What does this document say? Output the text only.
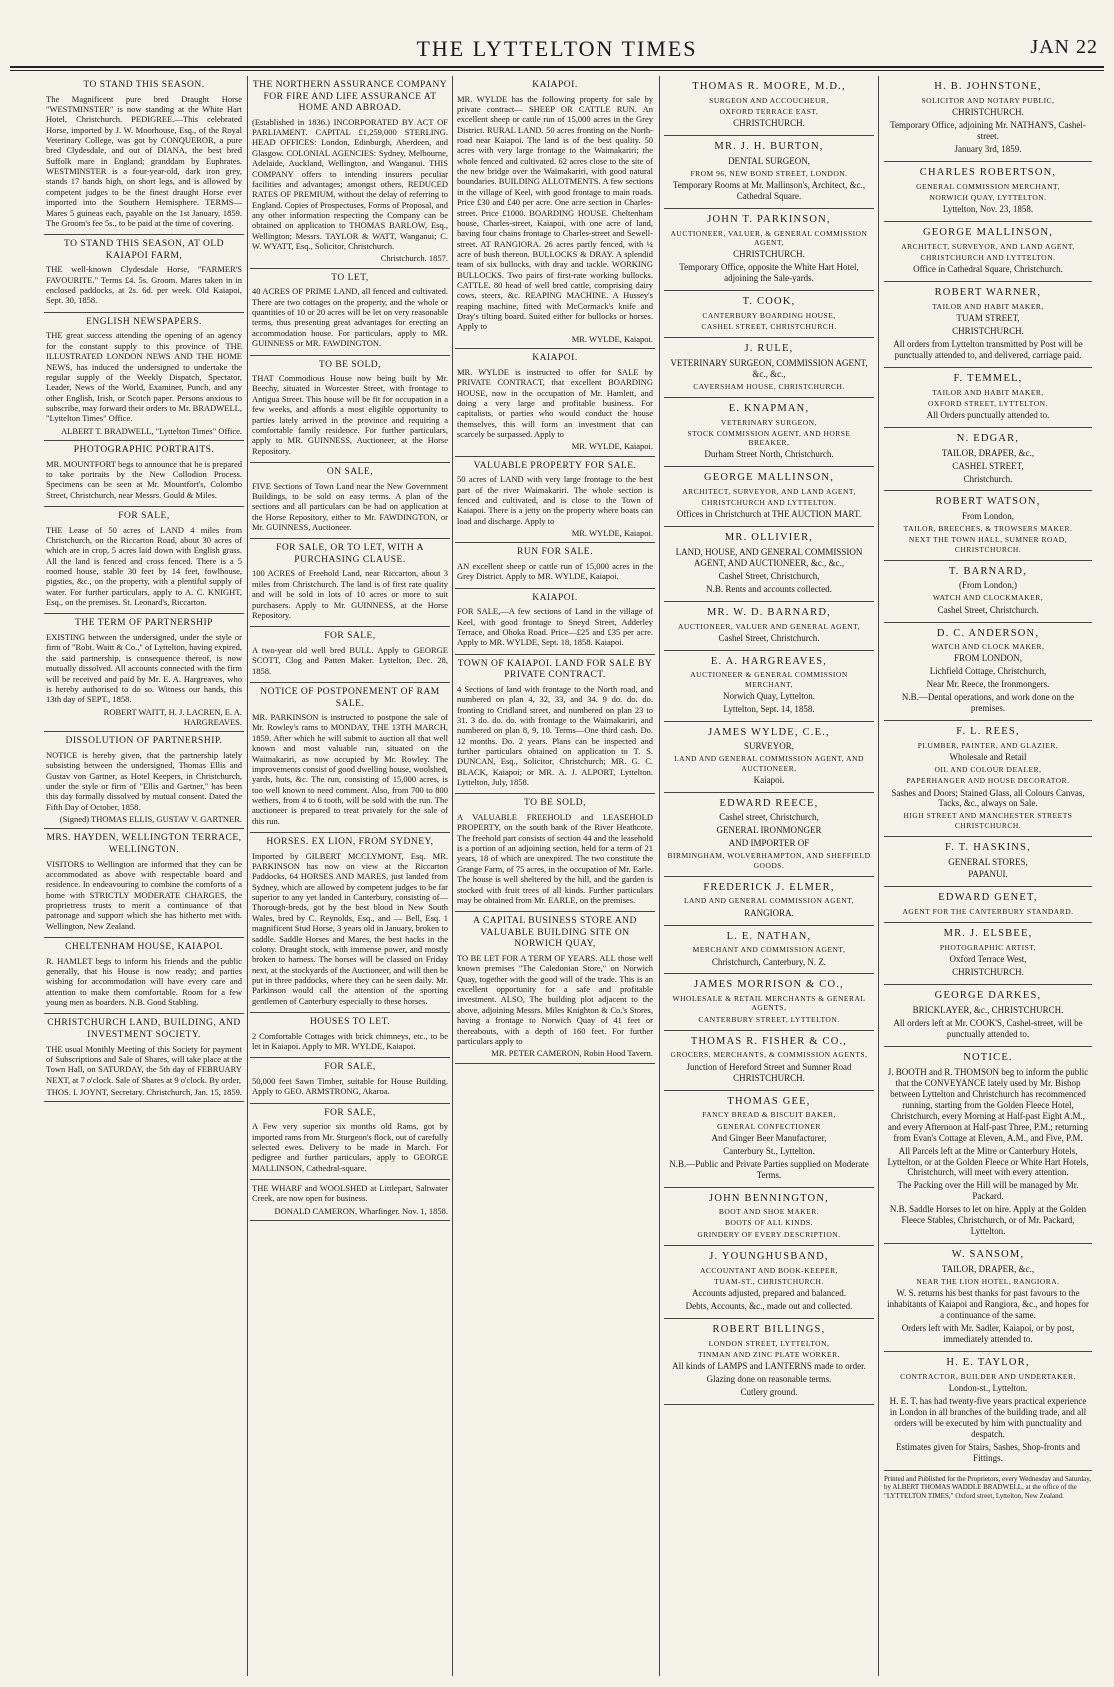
THE LYTTELTON TIMES	JAN 22
TO STAND THIS SEASON.

The Magnificent pure bred Draught Horse "WESTMINSTER" is now standing at the White Hart Hotel, Christchurch. PEDIGREE.—This celebrated Horse, imported by J. W. Moorhouse, Esq., of the Royal Veterinary College, was got by CONQUEROR, a pure bred Clydesdale, and out of DIANA, the best bred Suffolk mare in England; granddam by Euphrates. WESTMINSTER is a four-year-old, dark iron grey, stands 17 hands high, on short legs, and is allowed by competent judges to be the finest draught Horse ever imported into the Southern Hemisphere. TERMS—Mares 5 guineas each, payable on the 1st January, 1859. The Groom's fee 5s., to be paid at the time of covering.

TO STAND THIS SEASON, AT OLD KAIAPOI FARM,

THE well-known Clydesdale Horse, "FARMER'S FAVOURITE." Terms £4. 5s. Groom. Mares taken in in enclosed paddocks, at 2s. 6d. per week. Old Kaiapoi, Sept. 30, 1858.

ENGLISH NEWSPAPERS.

THE great success attending the opening of an agency for the constant supply to this province of THE ILLUSTRATED LONDON NEWS AND THE HOME NEWS, has induced the undersigned to undertake the regular supply of the Weekly Dispatch, Spectator, Leader, News of the World, Examiner, Punch, and any other English, Irish, or Scotch paper. Persons anxious to subscribe, may forward their orders to Mr. BRADWELL, "Lyttelton Times" Office.

ALBERT T. BRADWELL, "Lyttelton Times" Office.

PHOTOGRAPHIC PORTRAITS.

MR. MOUNTFORT begs to announce that he is prepared to take portraits by the New Collodion Process. Specimens can be seen at Mr. Mountfort's, Colombo Street, Christchurch, near Messrs. Gould & Miles.

FOR SALE,

THE Lease of 50 acres of LAND 4 miles from Christchurch, on the Riccarton Road, about 30 acres of which are in crop, 5 acres laid down with English grass. All the land is fenced and cross fenced. There is a 5 roomed house, stable 30 feet by 14 feet, fowlhouse, pigsties, &c., on the property, with a plentiful supply of water. For further particulars, apply to A. C. KNIGHT, Esq., on the premises. St. Leonard's, Riccarton.

THE TERM OF PARTNERSHIP

EXISTING between the undersigned, under the style or firm of "Robt. Waitt & Co.," of Lyttelton, having expired, the said partnership, is consequence thereof, is now mutually dissolved. All accounts connected with the firm will be received and paid by Mr. E. A. Hargreaves, who is hereby authorised to do so. Witness our hands, this 13th day of SEPT., 1858.

ROBERT WAITT, H. J. LACREN, E. A. HARGREAVES.

DISSOLUTION OF PARTNERSHIP.

NOTICE is hereby given, that the partnership lately subsisting between the undersigned, Thomas Ellis and Gustav von Gartner, as Hotel Keepers, in Christchurch, under the style or firm of "Ellis and Gartner," has been this day formally dissolved by mutual consent. Dated the Fifth Day of October, 1858.

(Signed) THOMAS ELLIS, GUSTAV V. GARTNER.

MRS. HAYDEN, WELLINGTON TERRACE, WELLINGTON.

VISITORS to Wellington are informed that they can be accommodated as above with respectable board and residence. In endeavouring to combine the comforts of a home with STRICTLY MODERATE CHARGES, the proprietress trusts to merit a continuance of that patronage and support which she has hitherto met with. Wellington, New Zealand.

CHELTENHAM HOUSE, KAIAPOI.

R. HAMLET begs to inform his friends and the public generally, that his House is now ready; and parties wishing for accommodation will have every care and attention to make them comfortable. Room for a few young men as boarders. N.B. Good Stabling.

CHRISTCHURCH LAND, BUILDING, AND INVESTMENT SOCIETY.

THE usual Monthly Meeting of this Society for payment of Subscriptions and Sale of Shares, will take place at the Town Hall, on SATURDAY, the 5th day of FEBRUARY NEXT, at 7 o'clock. Sale of Shares at 9 o'clock. By order,

THOS. I. JOYNT, Secretary. Christchurch, Jan. 15, 1859.

THE NORTHERN ASSURANCE COMPANY FOR FIRE AND LIFE ASSURANCE AT HOME AND ABROAD.

(Established in 1836.) INCORPORATED BY ACT OF PARLIAMENT. CAPITAL £1,259,000 STERLING. HEAD OFFICES: London, Edinburgh, Aberdeen, and Glasgow. COLONIAL AGENCIES: Sydney, Melbourne, Adelaide, Auckland, Wellington, and Wanganui. THIS COMPANY offers to intending insurers peculiar facilities and advantages; amongst others, REDUCED RATES OF PREMIUM, without the delay of referring to England. Copies of Prospectuses, Forms of Proposal, and any other information respecting the Company can be obtained on application to THOMAS BARLOW, Esq., Wellington; Messrs. TAYLOR & WATT, Wanganui; C. W. WYATT, Esq., Solicitor, Christchurch.

Christchurch. 1857.

TO LET,

40 ACRES OF PRIME LAND, all fenced and cultivated. There are two cottages on the property, and the whole or quantities of 10 or 20 acres will be let on very reasonable terms, thus presenting great advantages for erecting an accommodation house. For particulars, apply to MR. GUINNESS or MR. FAWDINGTON.

TO BE SOLD,

THAT Commodious House now being built by Mr. Beechy, situated in Worcester Street, with frontage to Antigua Street. This house will be fit for occupation in a few weeks, and affords a most eligible opportunity to parties lately arrived in the province and requiring a comfortable family residence. For further particulars, apply to MR. GUINNESS, Auctioneer, at the Horse Repository.

ON SALE,

FIVE Sections of Town Land near the New Government Buildings, to be sold on easy terms. A plan of the sections and all particulars can be had on application at the Horse Repository, either to Mr. FAWDINGTON, or Mr. GUINNESS, Auctioneer.

FOR SALE, OR TO LET, WITH A PURCHASING CLAUSE.

100 ACRES of Freehold Land, near Riccarton, about 3 miles from Christchurch. The land is of first rate quality and will be sold in lots of 10 acres or more to suit purchasers. Apply to Mr. GUINNESS, at the Horse Repository.

FOR SALE,

A two-year old well bred BULL. Apply to GEORGE SCOTT, Clog and Patten Maker. Lyttelton, Dec. 28, 1858.

NOTICE OF POSTPONEMENT OF RAM SALE.

MR. PARKINSON is instructed to postpone the sale of Mr. Rowley's rams to MONDAY, THE 13TH MARCH, 1859. After which he will submit to auction all that well known and most valuable run, situated on the Waimakariri, as now occupied by Mr. Rowley. The improvements consist of good dwelling house, woolshed, yards, huts, &c. The run, consisting of 15,000 acres, is too well known to need comment. Also, from 700 to 800 wethers, from 4 to 6 tooth, will be sold with the run. The auctioneer is prepared to treat privately for the sale of this run.

HORSES. EX LION, FROM SYDNEY,

Imported by GILBERT MCCLYMONT, Esq. MR. PARKINSON has now on view at the Riccarton Paddocks, 64 HORSES AND MARES, just landed from Sydney, which are allowed by competent judges to be far superior to any yet landed in Canterbury, consisting of— Thorough-breds, got by the best blood in New South Wales, bred by C. Reynolds, Esq., and — Bell, Esq. 1 magnificent Stud Horse, 3 years old in January, broken to saddle. Saddle Horses and Mares, the best hacks in the colony. Draught stock, with immense power, and mostly broken to harness. The horses will be classed on Friday next, at the stockyards of the Auctioneer, and will then be put in three paddocks, where they can be seen daily. Mr. Parkinson would call the attention of the sporting gentlemen of Canterbury especially to these horses.

HOUSES TO LET.

2 Comfortable Cottages with brick chimneys, etc., to be let in Kaiapoi. Apply to MR. WYLDE, Kaiapoi.

FOR SALE,

50,000 feet Sawn Timber, suitable for House Building. Apply to GEO. ARMSTRONG, Akaroa.

FOR SALE,

A Few very superior six months old Rams, got by imported rams from Mr. Sturgeon's flock, out of carefully selected ewes. Delivery to be made in March. For pedigree and further particulars, apply to GEORGE MALLINSON, Cathedral-square.

THE WHARF and WOOLSHED at Littlepart, Saltwater Creek, are now open for business.

DONALD CAMERON, Wharfinger. Nov. 1, 1858.

KAIAPOI.

MR. WYLDE has the following property for sale by private contract— SHEEP OR CATTLE RUN. An excellent sheep or cattle run of 15,000 acres in the Grey District. RURAL LAND. 50 acres fronting on the North-road near Kaiapoi. The land is of the best quality. 50 acres with very large frontage to the Waimakariri; the whole fenced and cultivated. 62 acres close to the site of the new bridge over the Waimakariri, with good natural boundaries. BUILDING ALLOTMENTS. A few sections in the village of Keel, with good frontage to main roads. Price £30 and £40 per acre. One acre section in Charles-street. Price £1000. BOARDING HOUSE. Cheltenham house, Charles-street, Kaiapoi, with one acre of land, having four chains frontage to Charles-street and Sewell-street. AT RANGIORA. 26 acres partly fenced, with ¼ acre of bush thereon. BULLOCKS & DRAY. A splendid team of six bullocks, with dray and tackle. WORKING BULLOCKS. Two pairs of first-rate working bullocks. CATTLE. 80 head of well bred cattle, comprising dairy cows, steers, &c. REAPING MACHINE. A Hussey's reaping machine, fitted with McCormack's knife and Dray's tilting board. Suited either for bullocks or horses. Apply to

MR. WYLDE, Kaiapoi.

KAIAPOI.

MR. WYLDE is instructed to offer for SALE by PRIVATE CONTRACT, that excellent BOARDING HOUSE, now in the occupation of Mr. Hamlett, and doing a very large and profitable business. For capitalists, or parties who would conduct the house themselves, this will form an investment that can scarcely be surpassed. Apply to

MR. WYLDE, Kaiapoi.

VALUABLE PROPERTY FOR SALE.

50 acres of LAND with very large frontage to the best part of the river Waimakariri. The whole section is fenced and cultivated, and is close to the Town of Kaiapoi. There is a jetty on the property where boats can load and discharge. Apply to

MR. WYLDE, Kaiapoi.

RUN FOR SALE.

AN excellent sheep or cattle run of 15,000 acres in the Grey District. Apply to MR. WYLDE, Kaiapoi.

KAIAPOI.

FOR SALE,—A few sections of Land in the village of Keel, with good frontage to Sneyd Street, Adderley Terrace, and Ohoka Road. Price—£25 and £35 per acre. Apply to MR. WYLDE, Sept. 18, 1858. Kaiapoi.

TOWN OF KAIAPOI. LAND FOR SALE BY PRIVATE CONTRACT.

4 Sections of land with frontage to the North road, and numbered on plan 4, 32, 33, and 34. 9 do. do. do. fronting to Cridland street, and numbered on plan 23 to 31. 3 do. do. do. with frontage to the Waimakariri, and numbered on plan 8, 9, 10. Terms—One third cash. Do. 12 months. Do. 2 years. Plans can be inspected and further particulars obtained on application to T. S. DUNCAN, Esq., Solicitor, Christchurch; MR. G. C. BLACK, Kaiapoi; or MR. A. J. ALPORT, Lyttelton. Lyttelton, July, 1858.

TO BE SOLD,

A VALUABLE FREEHOLD and LEASEHOLD PROPERTY, on the south bank of the River Heathcote. The freehold part consists of section 44 and the leasehold is a portion of an adjoining section, held for a term of 21 years, 18 of which are unexpired. The two constitute the Grange Farm, of 75 acres, in the occupation of Mr. Earle. The house is well sheltered by the hill, and the garden is stocked with fruit trees of all kinds. Further particulars may be obtained from Mr. EARLE, on the premises.

A CAPITAL BUSINESS STORE AND VALUABLE BUILDING SITE ON NORWICH QUAY,

TO BE LET FOR A TERM OF YEARS. ALL those well known premises "The Caledonian Store," on Norwich Quay, together with the good will of the trade. This is an excellent opportunity for a safe and profitable investment. ALSO, The building plot adjacent to the above, adjoining Messrs. Miles Knighton & Co.'s Stores, having a frontage to Norwich Quay of 41 feet or thereabouts, with a depth of 160 feet. For further particulars apply to

MR. PETER CAMERON, Robin Hood Tavern.

THOMAS R. MOORE, M.D.,
SURGEON AND ACCOUCHEUR,
OXFORD TERRACE EAST,
CHRISTCHURCH.
MR. J. H. BURTON,
DENTAL SURGEON,
FROM 96, NEW BOND STREET, LONDON.
Temporary Rooms at Mr. Mallinson's, Architect, &c., Cathedral Square.
JOHN T. PARKINSON,
AUCTIONEER, VALUER, & GENERAL COMMISSION AGENT,
CHRISTCHURCH.
Temporary Office, opposite the White Hart Hotel, adjoining the Sale-yards.
T. COOK,
CANTERBURY BOARDING HOUSE,
CASHEL STREET, CHRISTCHURCH.
J. RULE,
VETERINARY SURGEON, COMMISSION AGENT, &c., &c.,
CAVERSHAM HOUSE, CHRISTCHURCH.
E. KNAPMAN,
VETERINARY SURGEON,
STOCK COMMISSION AGENT, AND HORSE BREAKER,
Durham Street North, Christchurch.
GEORGE MALLINSON,
ARCHITECT, SURVEYOR, AND LAND AGENT,
CHRISTCHURCH AND LYTTELTON.
Offices in Christchurch at THE AUCTION MART.
MR. OLLIVIER,
LAND, HOUSE, AND GENERAL COMMISSION AGENT, AND AUCTIONEER, &c., &c.,
Cashel Street, Christchurch,
N.B. Rents and accounts collected.
MR. W. D. BARNARD,
AUCTIONEER, VALUER AND GENERAL AGENT,
Cashel Street, Christchurch.
E. A. HARGREAVES,
AUCTIONEER & GENERAL COMMISSION MERCHANT,
Norwich Quay, Lyttelton.
Lyttelton, Sept. 14, 1858.
JAMES WYLDE, C.E.,
SURVEYOR,
LAND AND GENERAL COMMISSION AGENT, AND AUCTIONEER,
Kaiapoi.
EDWARD REECE,
Cashel street, Christchurch,
GENERAL IRONMONGER
AND IMPORTER OF
BIRMINGHAM, WOLVERHAMPTON, AND SHEFFIELD GOODS.
FREDERICK J. ELMER,
LAND AND GENERAL COMMISSION AGENT,
RANGIORA.
L. E. NATHAN,
MERCHANT AND COMMISSION AGENT,
Christchurch, Canterbury, N. Z.
JAMES MORRISON & CO.,
WHOLESALE & RETAIL MERCHANTS & GENERAL AGENTS,
CANTERBURY STREET, LYTTELTON.
THOMAS R. FISHER & CO.,
GROCERS, MERCHANTS, & COMMISSION AGENTS,
Junction of Hereford Street and Sumner Road CHRISTCHURCH.
THOMAS GEE,
FANCY BREAD & BISCUIT BAKER,
GENERAL CONFECTIONER
And Ginger Beer Manufacturer,
Canterbury St., Lyttelton.
N.B.—Public and Private Parties supplied on Moderate Terms.
JOHN BENNINGTON,
BOOT AND SHOE MAKER.
BOOTS OF ALL KINDS.
GRINDERY OF EVERY DESCRIPTION.
J. YOUNGHUSBAND,
ACCOUNTANT AND BOOK-KEEPER,
TUAM-ST., CHRISTCHURCH.
Accounts adjusted, prepared and balanced.
Debts, Accounts, &c., made out and collected.
ROBERT BILLINGS,
LONDON STREET, LYTTELTON,
TINMAN AND ZINC PLATE WORKER.
All kinds of LAMPS and LANTERNS made to order.
Glazing done on reasonable terms.
Cutlery ground.
H. B. JOHNSTONE,
SOLICITOR AND NOTARY PUBLIC,
CHRISTCHURCH.
Temporary Office, adjoining Mr. NATHAN'S, Cashel-street.
January 3rd, 1859.
CHARLES ROBERTSON,
GENERAL COMMISSION MERCHANT,
NORWICH QUAY, LYTTELTON.
Lyttelton, Nov. 23, 1858.
GEORGE MALLINSON,
ARCHITECT, SURVEYOR, AND LAND AGENT,
CHRISTCHURCH AND LYTTELTON.
Office in Cathedral Square, Christchurch.
ROBERT WARNER,
TAILOR AND HABIT MAKER,
TUAM STREET,
CHRISTCHURCH.
All orders from Lyttelton transmitted by Post will be punctually attended to, and delivered, carriage paid.
F. TEMMEL,
TAILOR AND HABIT MAKER,
OXFORD STREET, LYTTELTON.
All Orders punctually attended to.
N. EDGAR,
TAILOR, DRAPER, &c.,
CASHEL STREET,
Christchurch.
ROBERT WATSON,
From London,
TAILOR, BREECHES, & TROWSERS MAKER.
NEXT THE TOWN HALL, SUMNER ROAD, CHRISTCHURCH.
T. BARNARD,
(From London,)
WATCH AND CLOCKMAKER,
Cashel Street, Christchurch.
D. C. ANDERSON,
WATCH AND CLOCK MAKER,
FROM LONDON,
Lichfield Cottage, Christchurch,
Near Mr. Reece, the Ironmongers.
N.B.—Dental operations, and work done on the premises.
F. L. REES,
PLUMBER, PAINTER, AND GLAZIER,
Wholesale and Retail
OIL AND COLOUR DEALER,
PAPERHANGER AND HOUSE DECORATOR.
Sashes and Doors; Stained Glass, all Colours Canvas, Tacks, &c., always on Sale.
HIGH STREET AND MANCHESTER STREETS CHRISTCHURCH.
F. T. HASKINS,
GENERAL STORES,
PAPANUI.
EDWARD GENET,
AGENT FOR THE CANTERBURY STANDARD.
MR. J. ELSBEE,
PHOTOGRAPHIC ARTIST,
Oxford Terrace West,
CHRISTCHURCH.
GEORGE DARKES,
BRICKLAYER, &c., CHRISTCHURCH.
All orders left at Mr. COOK'S, Cashel-street, will be punctually attended to.
NOTICE.
J. BOOTH and R. THOMSON beg to inform the public that the CONVEYANCE lately used by Mr. Bishop between Lyttelton and Christchurch has recommenced running, starting from the Golden Fleece Hotel, Christchurch, every Morning at Half-past Eight A.M., and every Afternoon at Half-past Three, P.M.; returning from Evan's Cottage at Eleven, A.M., and Five, P.M.
All Parcels left at the Mitre or Canterbury Hotels, Lyttelton, or at the Golden Fleece or White Hart Hotels, Christchurch, will meet with every attention.
The Packing over the Hill will be managed by Mr. Packard.
N.B. Saddle Horses to let on hire. Apply at the Golden Fleece Stables, Christchurch, or of Mr. Packard, Lyttelton.
W. SANSOM,
TAILOR, DRAPER, &c.,
NEAR THE LION HOTEL, RANGIORA.
W. S. returns his best thanks for past favours to the inhabitants of Kaiapoi and Rangiora, &c., and hopes for a continuance of the same.
Orders left with Mr. Sadler, Kaiapoi, or by post, immediately attended to.
H. E. TAYLOR,
CONTRACTOR, BUILDER AND UNDERTAKER,
London-st., Lyttelton.
H. E. T. has had twenty-five years practical experience in London in all branches of the building trade, and all orders will be executed by him with punctuality and despatch.
Estimates given for Stairs, Sashes, Shop-fronts and Fittings.
Printed and Published for the Proprietors, every Wednesday and Saturday, by ALBERT THOMAS WADDLE BRADWELL, at the office of the "LYTTELTON TIMES," Oxford street, Lyttelton, New Zealand.
